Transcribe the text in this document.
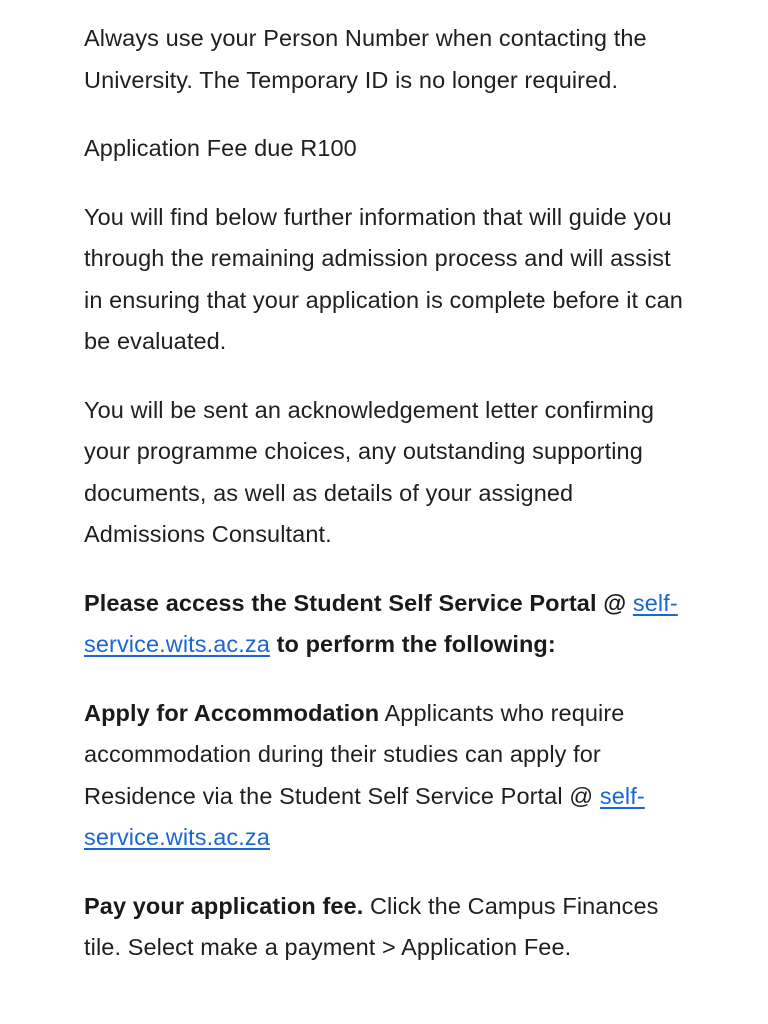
Always use your Person Number when contacting the University. The Temporary ID is no longer required.

Application Fee due R100

You will find below further information that will guide you through the remaining admission process and will assist in ensuring that your application is complete before it can be evaluated.

You will be sent an acknowledgement letter confirming your programme choices, any outstanding supporting documents, as well as details of your assigned Admissions Consultant.

Please access the Student Self Service Portal @ self-service.wits.ac.za to perform the following:

Apply for Accommodation Applicants who require accommodation during their studies can apply for Residence via the Student Self Service Portal @ self-service.wits.ac.za

Pay your application fee. Click the Campus Finances tile. Select make a payment > Application Fee.
